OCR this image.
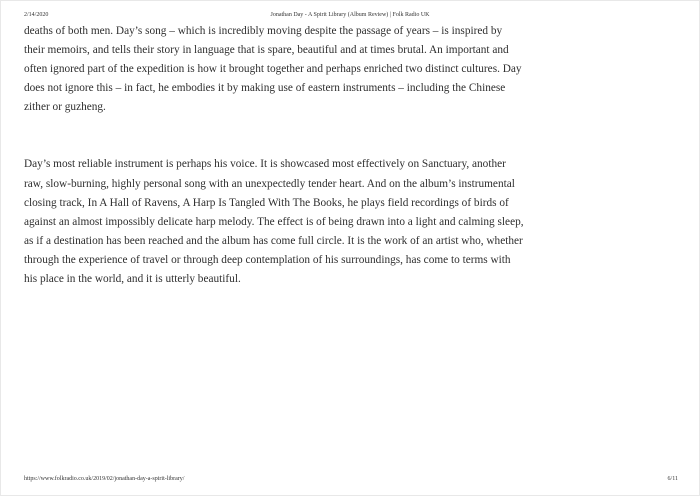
2/14/2020	Jonathan Day - A Spirit Library (Album Review) | Folk Radio UK

deaths of both men. Day’s song – which is incredibly moving despite the passage of years – is inspired by their memoirs, and tells their story in language that is spare, beautiful and at times brutal. An important and often ignored part of the expedition is how it brought together and perhaps enriched two distinct cultures. Day does not ignore this – in fact, he embodies it by making use of eastern instruments – including the Chinese zither or guzheng.

Day’s most reliable instrument is perhaps his voice. It is showcased most effectively on Sanctuary, another raw, slow-burning, highly personal song with an unexpectedly tender heart. And on the album’s instrumental closing track, In A Hall of Ravens, A Harp Is Tangled With The Books, he plays field recordings of birds of against an almost impossibly delicate harp melody. The effect is of being drawn into a light and calming sleep, as if a destination has been reached and the album has come full circle. It is the work of an artist who, whether through the experience of travel or through deep contemplation of his surroundings, has come to terms with his place in the world, and it is utterly beautiful.

https://www.folkradio.co.uk/2019/02/jonathan-day-a-spirit-library/	6/11
